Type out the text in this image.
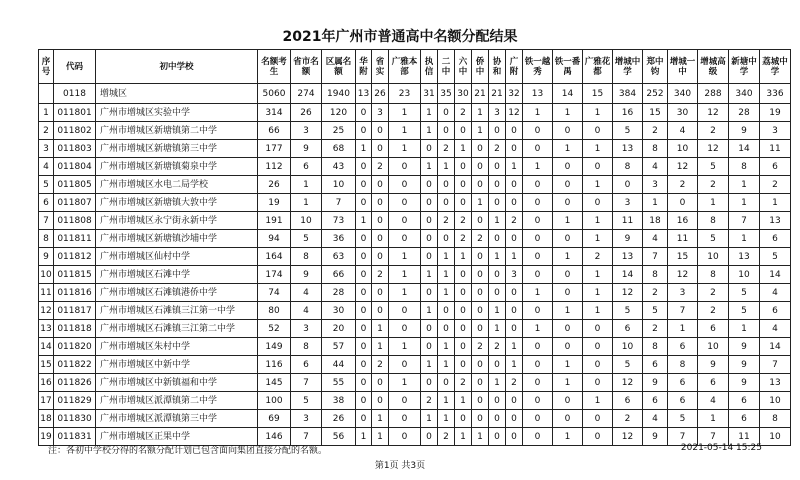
2021年广州市普通高中名额分配结果
序号	代码	初中学校	名额考生	省市名额	区属名额	华附	省实	广雅本部	执信	二中	六中	侨中	协和	广附	铁一越秀	铁一番禺	广雅花都	增城中学	郑中钧	增城一中	增城高级	新塘中学	荔城中学
	0118	增城区	5060	274	1940	13	26	23	31	35	30	21	21	32	13	14	15	384	252	340	288	340	336
1	011801	广州市增城区实验中学	314	26	120	0	3	1	1	0	2	1	3	12	1	1	1	16	15	30	12	28	19
2	011802	广州市增城区新塘镇第二中学	66	3	25	0	0	1	1	0	0	1	0	0	0	0	0	5	2	4	2	9	3
3	011803	广州市增城区新塘镇第三中学	177	9	68	1	0	1	0	2	1	0	2	0	0	1	1	13	8	10	12	14	11
4	011804	广州市增城区新塘镇菊泉中学	112	6	43	0	2	0	1	1	0	0	0	1	1	0	0	8	4	12	5	8	6
5	011805	广州市增城区水电二局学校	26	1	10	0	0	0	0	0	0	0	0	0	0	0	1	0	3	2	2	1	2
6	011807	广州市增城区新塘镇大敦中学	19	1	7	0	0	0	0	0	0	1	0	0	0	0	0	3	1	0	1	1	1
7	011808	广州市增城区永宁街永新中学	191	10	73	1	0	0	0	2	2	0	1	2	0	1	1	11	18	16	8	7	13
8	011811	广州市增城区新塘镇沙埔中学	94	5	36	0	0	0	0	0	2	2	0	0	0	0	1	9	4	11	5	1	6
9	011812	广州市增城区仙村中学	164	8	63	0	0	1	0	1	1	0	1	1	0	1	2	13	7	15	10	13	5
10	011815	广州市增城区石滩中学	174	9	66	0	2	1	1	1	0	0	0	3	0	0	1	14	8	12	8	10	14
11	011816	广州市增城区石滩镇港侨中学	74	4	28	0	0	1	0	1	0	0	0	0	1	0	1	12	2	3	2	5	4
12	011817	广州市增城区石滩镇三江第一中学	80	4	30	0	0	0	1	0	0	0	1	0	0	1	1	5	5	7	2	5	6
13	011818	广州市增城区石滩镇三江第二中学	52	3	20	0	1	0	0	0	0	0	1	0	1	0	0	6	2	1	6	1	4
14	011820	广州市增城区朱村中学	149	8	57	0	1	1	0	1	0	2	2	1	0	0	0	10	8	6	10	9	14
15	011822	广州市增城区中新中学	116	6	44	0	2	0	1	1	0	0	0	1	0	1	0	5	6	8	9	9	7
16	011826	广州市增城区中新镇福和中学	145	7	55	0	0	1	0	0	2	0	1	2	0	1	0	12	9	6	6	9	13
17	011829	广州市增城区派潭镇第二中学	100	5	38	0	0	0	2	1	1	0	0	0	0	0	1	6	6	6	4	6	10
18	011830	广州市增城区派潭镇第三中学	69	3	26	0	1	0	1	1	0	0	0	0	0	0	0	2	4	5	1	6	8
19	011831	广州市增城区正果中学	146	7	56	1	1	0	0	2	1	1	0	0	0	1	0	12	9	7	7	11	10
注：各初中学校分得的名额分配计划已包含面向集团直接分配的名额。	2021-05-14 15:25
第1页 共3页
